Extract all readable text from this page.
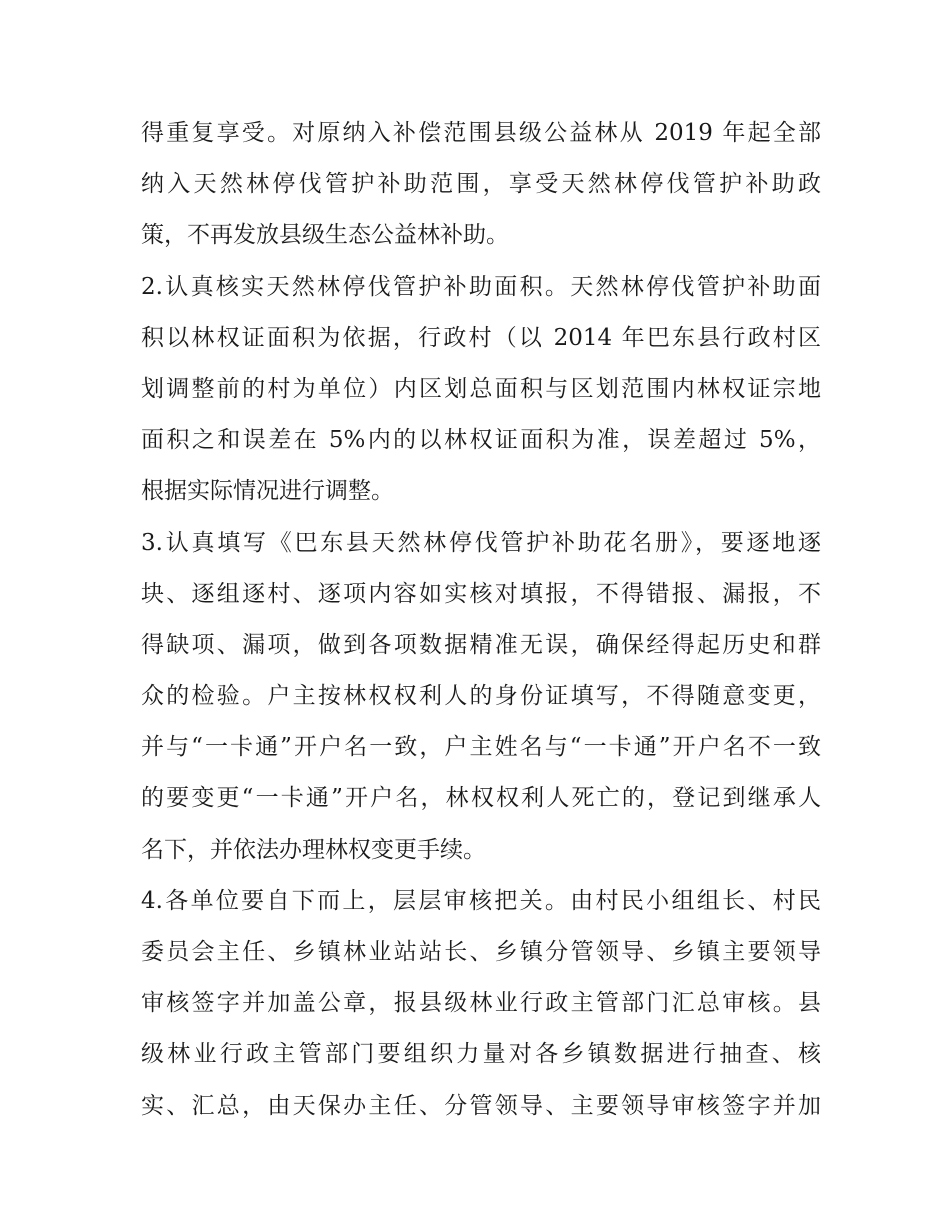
得重复享受。对原纳入补偿范围县级公益林从 2019 年起全部
纳入天然林停伐管护补助范围，享受天然林停伐管护补助政
策，不再发放县级生态公益林补助。
2.认真核实天然林停伐管护补助面积。天然林停伐管护补助面
积以林权证面积为依据，行政村（以 2014 年巴东县行政村区
划调整前的村为单位）内区划总面积与区划范围内林权证宗地
面积之和误差在 5%内的以林权证面积为准，误差超过 5%，
根据实际情况进行调整。
3.认真填写《巴东县天然林停伐管护补助花名册》，要逐地逐
块、逐组逐村、逐项内容如实核对填报，不得错报、漏报，不
得缺项、漏项，做到各项数据精准无误，确保经得起历史和群
众的检验。户主按林权权利人的身份证填写，不得随意变更，
并与“一卡通”开户名一致，户主姓名与“一卡通”开户名不一致
的要变更“一卡通”开户名，林权权利人死亡的，登记到继承人
名下，并依法办理林权变更手续。
4.各单位要自下而上，层层审核把关。由村民小组组长、村民
委员会主任、乡镇林业站站长、乡镇分管领导、乡镇主要领导
审核签字并加盖公章，报县级林业行政主管部门汇总审核。县
级林业行政主管部门要组织力量对各乡镇数据进行抽查、核
实、汇总，由天保办主任、分管领导、主要领导审核签字并加
